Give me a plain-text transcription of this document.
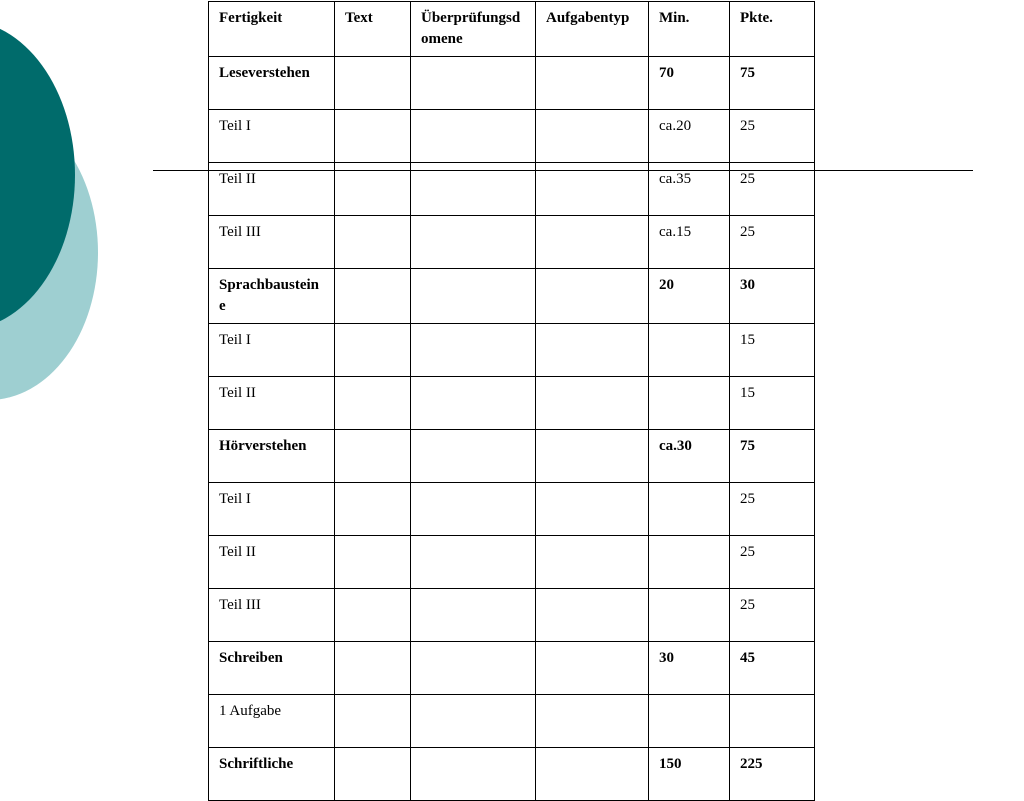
Fertigkeit	Text	Überprüfungsdomene	Aufgabentyp	Min.	Pkte.
Leseverstehen				70	75
Teil I				ca.20	25
Teil II				ca.35	25
Teil III				ca.15	25
Sprachbausteine				20	30
Teil I					15
Teil II					15
Hörverstehen				ca.30	75
Teil I					25
Teil II					25
Teil III					25
Schreiben				30	45
1 Aufgabe					
Schriftliche				150	225
